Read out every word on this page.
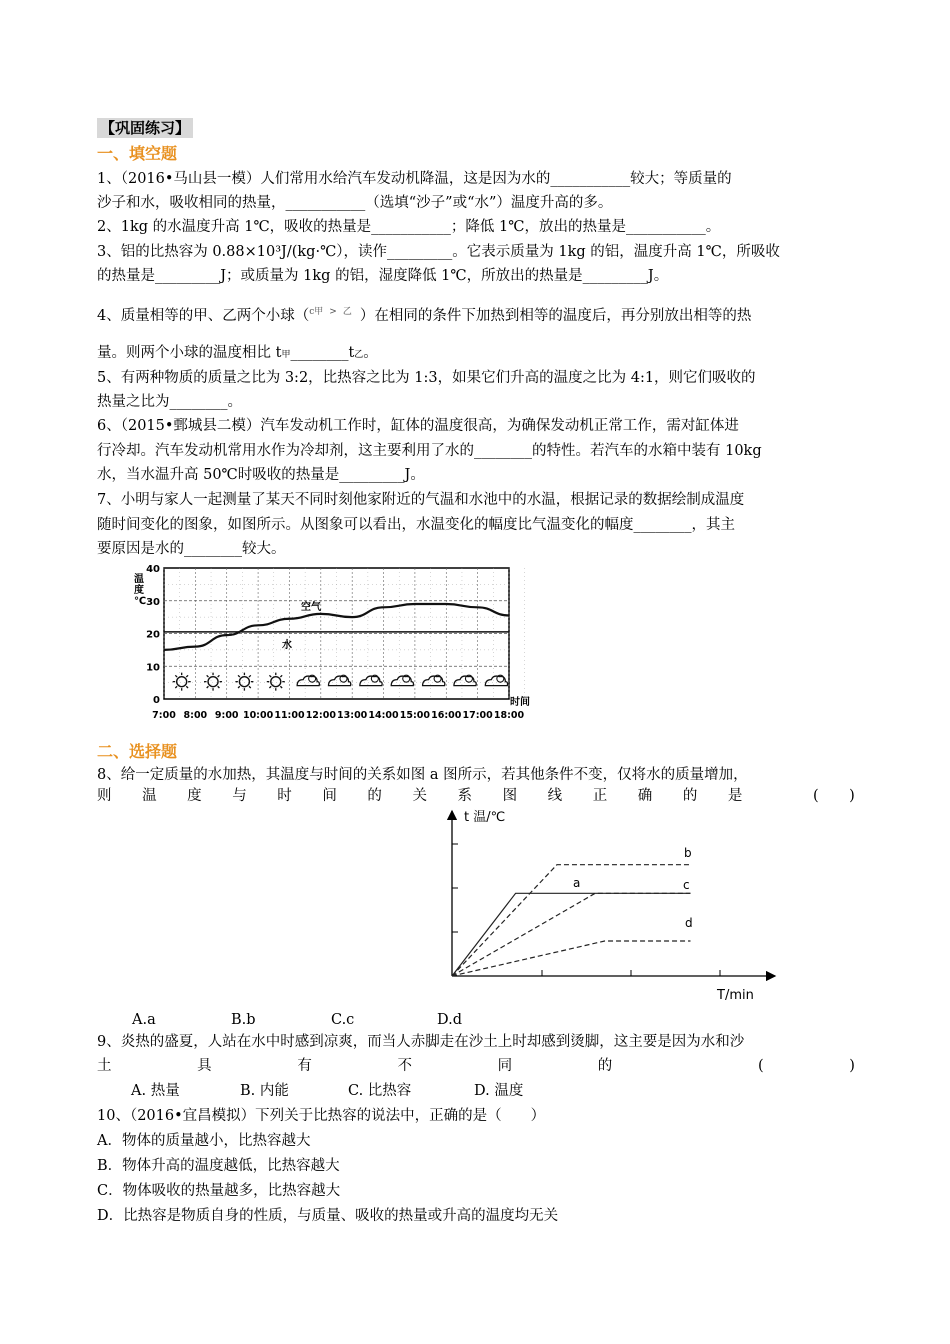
【巩固练习】
一、填空题
1、（2016•马山县一模）人们常用水给汽车发动机降温，这是因为水的___________较大；等质量的
沙子和水，吸收相同的热量，___________（选填“沙子”或“水”）温度升高的多。
2、1kg 的水温度升高 1℃，吸收的热量是___________；降低 1℃，放出的热量是___________。
3、铝的比热容为 0.88×10³J/(kg·℃），读作_________。它表示质量为 1kg 的铝，温度升高 1℃，所吸收
的热量是_________J；或质量为 1kg 的铝，湿度降低 1℃，所放出的热量是_________J。
4、质量相等的甲、乙两个小球（$^{c甲}$ > $^乙$ ）在相同的条件下加热到相等的温度后，再分别放出相等的热
量。则两个小球的温度相比 t甲________t乙。
5、有两种物质的质量之比为 3:2，比热容之比为 1:3，如果它们升高的温度之比为 4:1，则它们吸收的
热量之比为________。
6、（2015•鄄城县二模）汽车发动机工作时，缸体的温度很高，为确保发动机正常工作，需对缸体进
行冷却。汽车发动机常用水作为冷却剂，这主要利用了水的________的特性。若汽车的水箱中装有 10kg
水，当水温升高 50℃时吸收的热量是_________J。
7、小明与家人一起测量了某天不同时刻他家附近的气温和水池中的水温，根据记录的数据绘制成温度
随时间变化的图象，如图所示。从图象可以看出，水温变化的幅度比气温变化的幅度________，其主
要原因是水的________较大。
温
度
℃
0
10
20
30
40
7:00 8:00 9:00 10:00 11:00 12:00 13:00 14:00 15:00 16:00 17:00 18:00
时间
空气
水
二、选择题
8、给一定质量的水加热，其温度与时间的关系如图 a 图所示，若其他条件不变，仅将水的质量增加，
则 温 度 与 时 间 的 关 系 图 线 正 确 的 是	( )
t 温/℃
T/min
a
b
c
d
A.a	B.b	C.c	D.d
9、炎热的盛夏，人站在水中时感到凉爽，而当人赤脚走在沙土上时却感到烫脚，这主要是因为水和沙
土	具	有	不	同	的	(	)
A. 热量	B. 内能	C. 比热容	D. 温度
10、（2016•宜昌模拟）下列关于比热容的说法中，正确的是（　　）
A．物体的质量越小，比热容越大
B．物体升高的温度越低，比热容越大
C．物体吸收的热量越多，比热容越大
D．比热容是物质自身的性质，与质量、吸收的热量或升高的温度均无关
